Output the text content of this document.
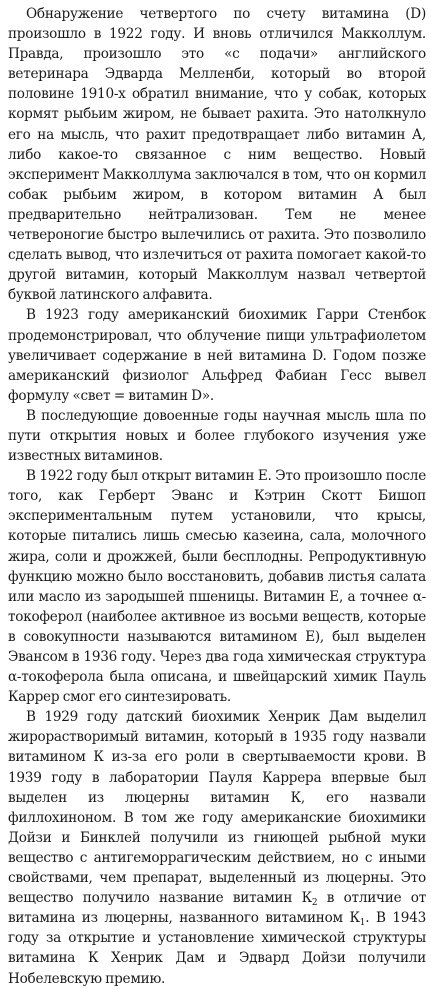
Обнаружение четвертого по счету витамина (D) произошло в 1922 году. И вновь отличился Макколлум. Правда, произошло это «с подачи» английского ветеринара Эдварда Мелленби, который во второй половине 1910-х обратил внимание, что у собак, которых кормят рыбьим жиром, не бывает рахита. Это натолкнуло его на мысль, что рахит предотвращает либо витамин А, либо какое-то связанное с ним вещество. Новый эксперимент Макколлума заключался в том, что он кормил собак рыбьим жиром, в котором витамин А был предварительно нейтрализован. Тем не менее четвероногие быстро вылечились от рахита. Это позволило сделать вывод, что излечиться от рахита помогает какой-то другой витамин, который Макколлум назвал четвертой буквой латинского алфавита.

В 1923 году американский биохимик Гарри Стенбок продемонстрировал, что облучение пищи ультрафиолетом увеличивает содержание в ней витамина D. Годом позже американский физиолог Альфред Фабиан Гесс вывел формулу «свет = витамин D».

В последующие довоенные годы научная мысль шла по пути открытия новых и более глубокого изучения уже известных витаминов.

В 1922 году был открыт витамин Е. Это произошло после того, как Герберт Эванс и Кэтрин Скотт Бишоп экспериментальным путем установили, что крысы, которые питались лишь смесью казеина, сала, молочного жира, соли и дрожжей, были бесплодны. Репродуктивную функцию можно было восстановить, добавив листья салата или масло из зародышей пшеницы. Витамин Е, а точнее α-токоферол (наиболее активное из восьми веществ, которые в совокупности называются витамином Е), был выделен Эвансом в 1936 году. Через два года химическая структура α-токоферола была описана, и швейцарский химик Пауль Каррер смог его синтезировать.

В 1929 году датский биохимик Хенрик Дам выделил жирорастворимый витамин, который в 1935 году назвали витамином К из-за его роли в свертываемости крови. В 1939 году в лаборатории Пауля Каррера впервые был выделен из люцерны витамин К, его назвали филлохиноном. В том же году американские биохимики Дойзи и Бинклей получили из гниющей рыбной муки вещество с антигеморрагическим действием, но с иными свойствами, чем препарат, выделенный из люцерны. Это вещество получило название витамин $К_2$ в отличие от витамина из люцерны, названного витамином $К_1$. В 1943 году за открытие и установление химической структуры витамина К Хенрик Дам и Эдвард Дойзи получили Нобелевскую премию.
